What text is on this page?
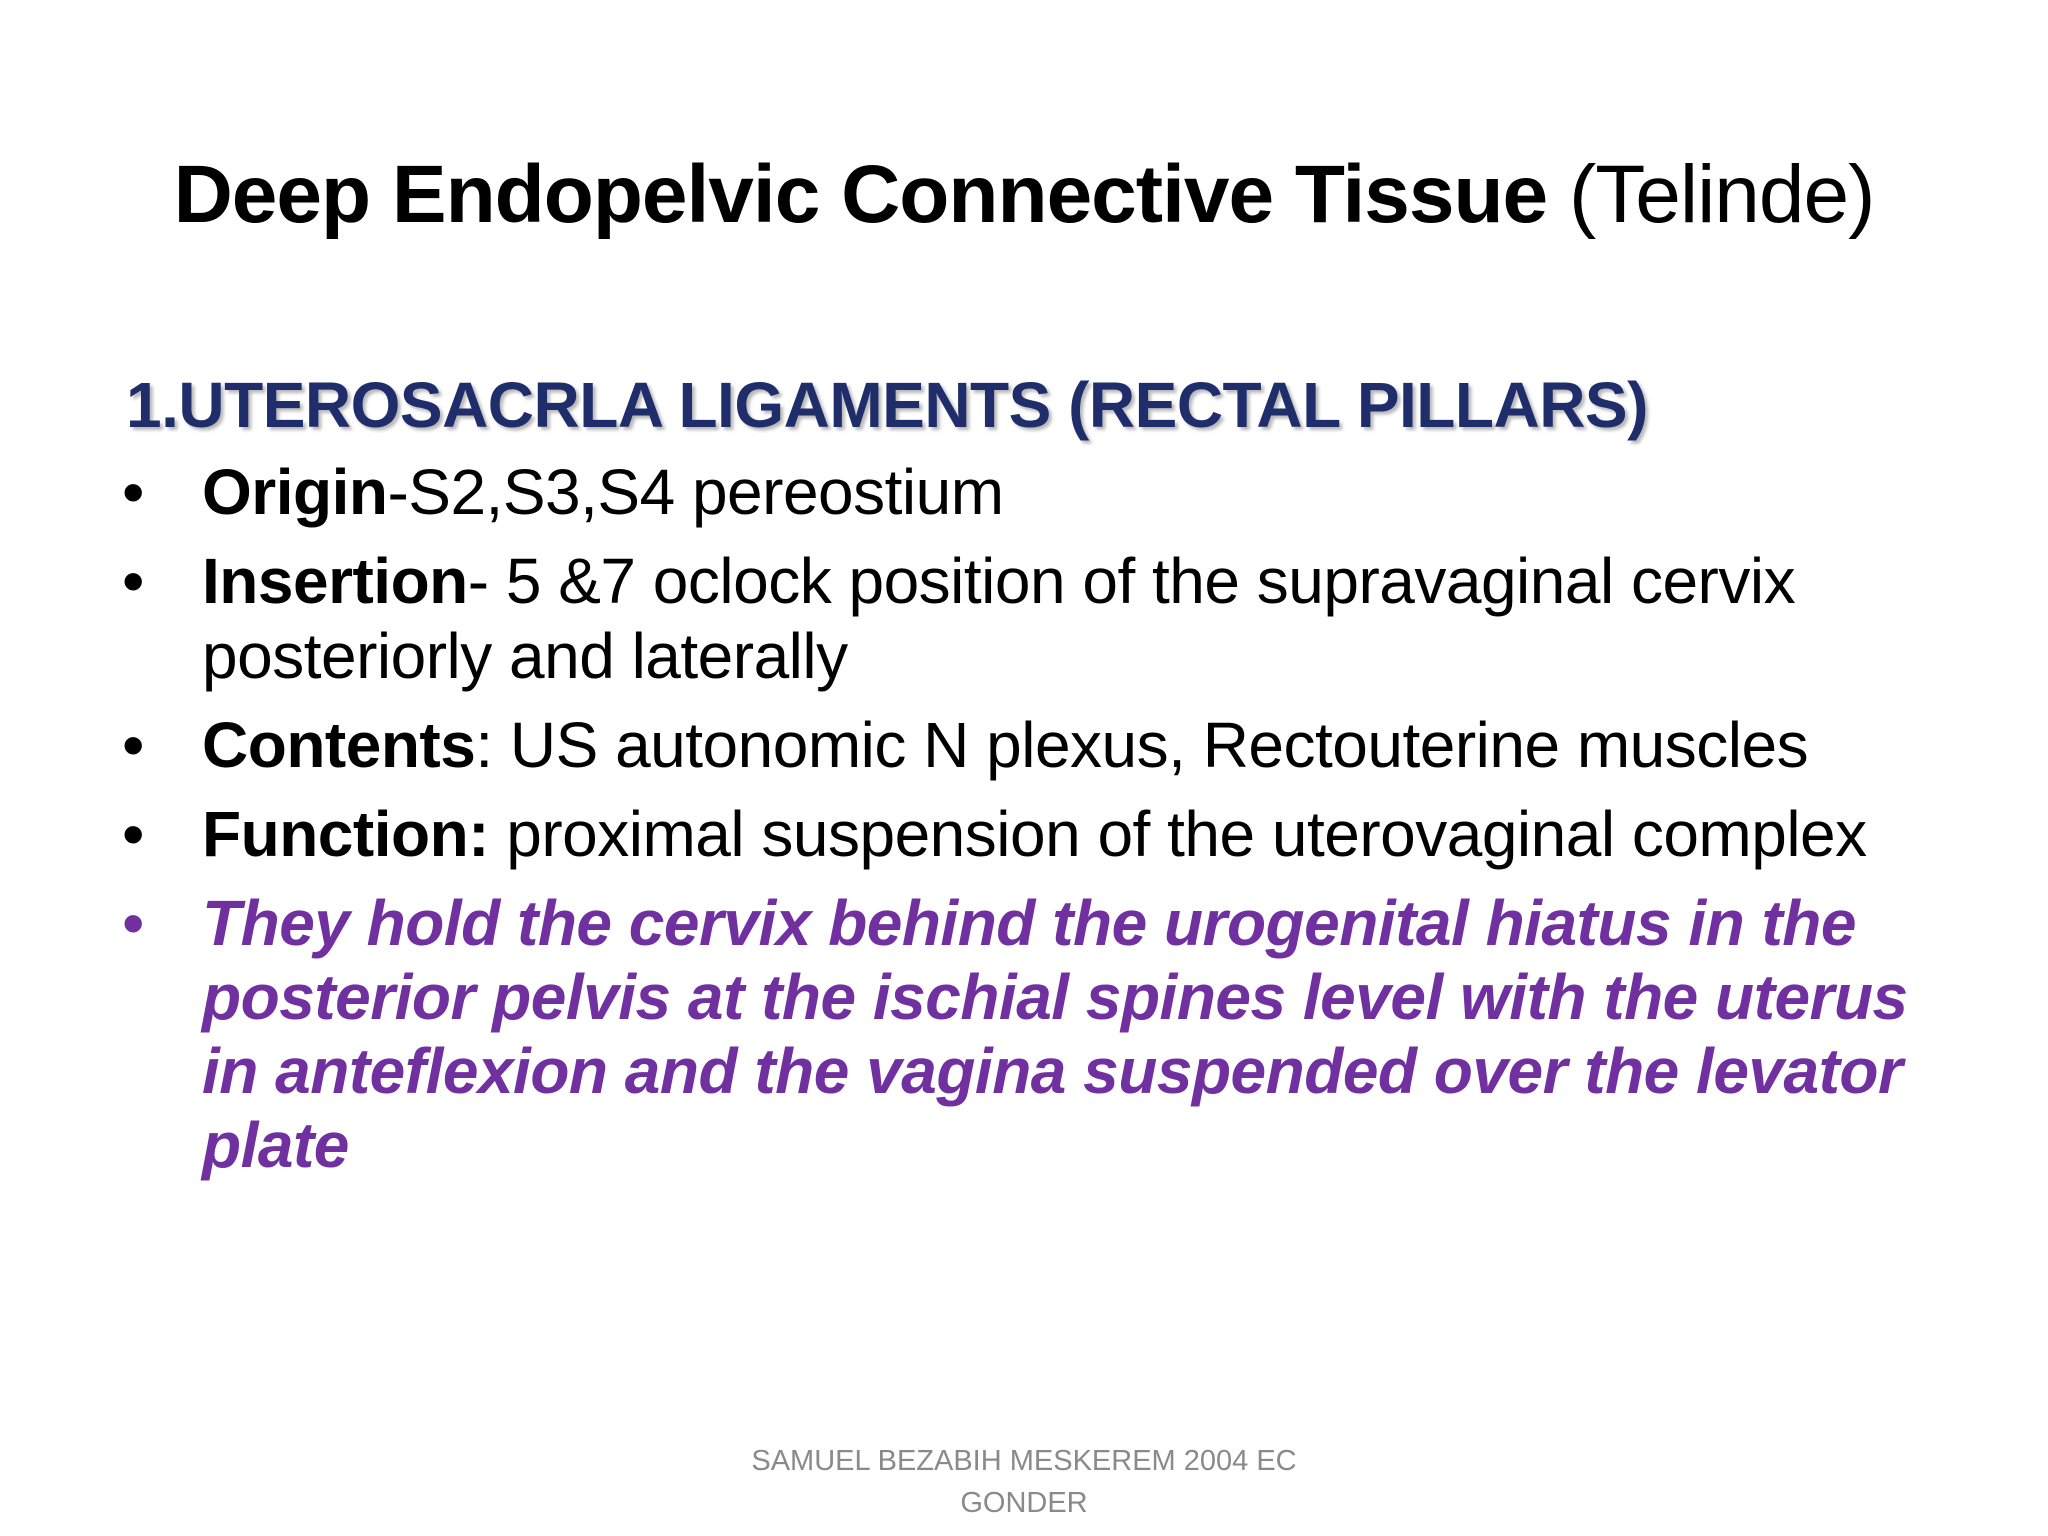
Deep Endopelvic Connective Tissue (Telinde)
1.UTEROSACRLA LIGAMENTS (RECTAL PILLARS)
• Origin-S2,S3,S4 pereostium
• Insertion- 5 &7 oclock position of the supravaginal cervix posteriorly and laterally
• Contents: US autonomic N plexus, Rectouterine muscles
• Function: proximal suspension of the uterovaginal complex
• They hold the cervix behind the urogenital hiatus in the posterior pelvis at the ischial spines level with the uterus in anteflexion and the vagina suspended over the levator plate
SAMUEL BEZABIH MESKEREM 2004 EC GONDER
